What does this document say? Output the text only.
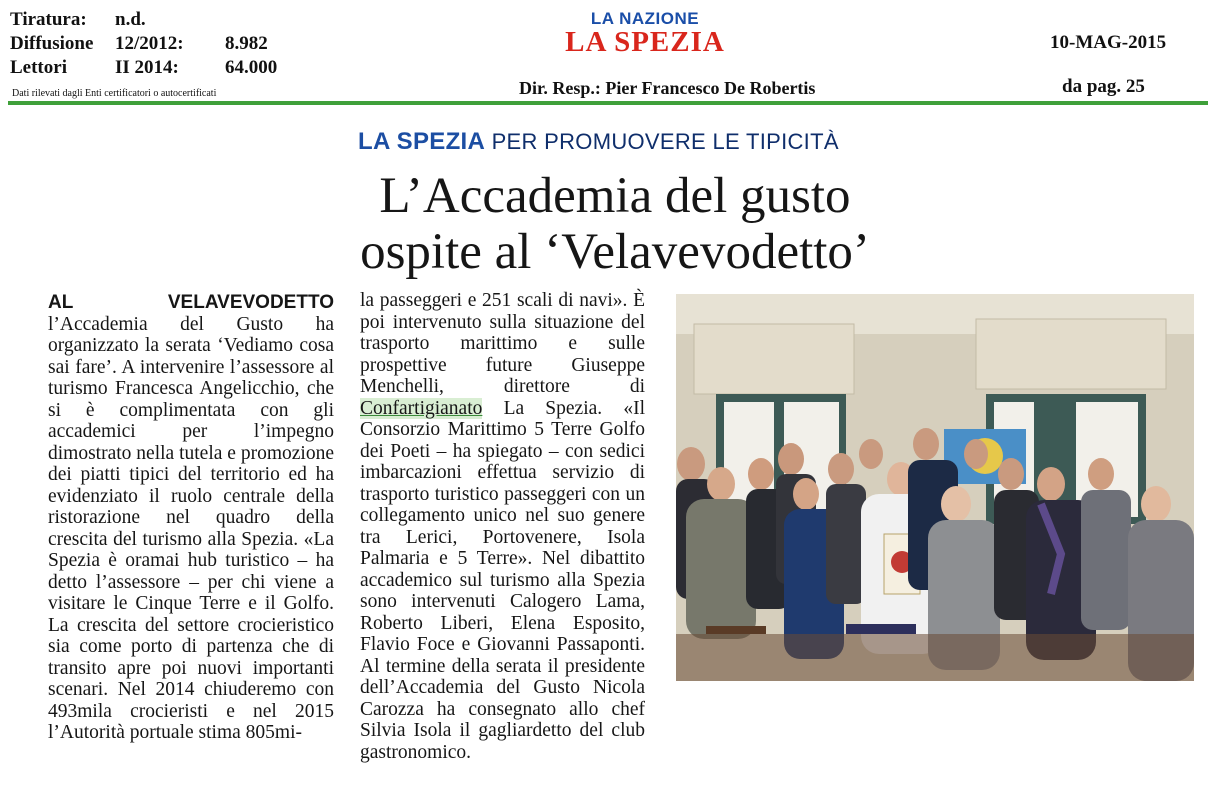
Tiratura:	n.d.
Diffusione	12/2012:	8.982
Lettori	II 2014:	64.000
Dati rilevati dagli Enti certificatori o autocertificati
LA NAZIONE
LA SPEZIA	10-MAG-2015
Dir. Resp.: Pier Francesco De Robertis	da pag. 25
LA SPEZIA PER PROMUOVERE LE TIPICITÀ
L’Accademia del gusto
ospite al ‘Velavevodetto’
AL VELAVEVODETTO l’Accademia del Gusto ha organizzato la serata ‘Vediamo cosa sai fare’. A intervenire l’assessore al turismo Francesca Angelicchio, che si è complimentata con gli accademici per l’impegno dimostrato nella tutela e promozione dei piatti tipici del territorio ed ha evidenziato il ruolo centrale della ristorazione nel quadro della crescita del turismo alla Spezia. «La Spezia è oramai hub turistico – ha detto l’assessore – per chi viene a visitare le Cinque Terre e il Golfo. La crescita del settore crocieristico sia come porto di partenza che di transito apre poi nuovi importanti scenari. Nel 2014 chiuderemo con 493mila crocieristi e nel 2015 l’Autorità portuale stima 805mi-
la passeggeri e 251 scali di navi». È poi intervenuto sulla situazione del trasporto marittimo e sulle prospettive future Giuseppe Menchelli, direttore di Confartigianato La Spezia. «Il Consorzio Marittimo 5 Terre Golfo dei Poeti – ha spiegato – con sedici imbarcazioni effettua servizio di trasporto turistico passeggeri con un collegamento unico nel suo genere tra Lerici, Portovenere, Isola Palmaria e 5 Terre». Nel dibattito accademico sul turismo alla Spezia sono intervenuti Calogero Lama, Roberto Liberi, Elena Esposito, Flavio Foce e Giovanni Passaponti. Al termine della serata il presidente dell’Accademia del Gusto Nicola Carozza ha consegnato allo chef Silvia Isola il gagliardetto del club gastronomico.
